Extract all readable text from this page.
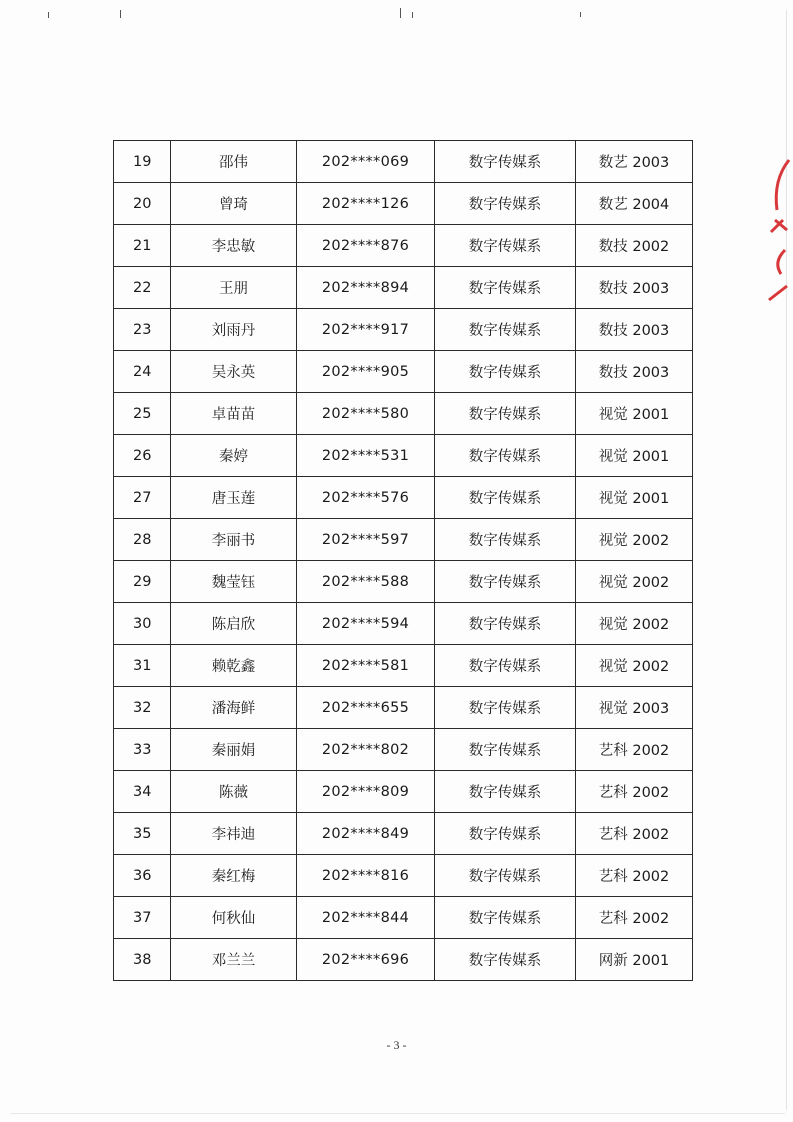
19	邵伟	202****069	数字传媒系	数艺 2003
20	曾琦	202****126	数字传媒系	数艺 2004
21	李忠敏	202****876	数字传媒系	数技 2002
22	王朋	202****894	数字传媒系	数技 2003
23	刘雨丹	202****917	数字传媒系	数技 2003
24	吴永英	202****905	数字传媒系	数技 2003
25	卓苗苗	202****580	数字传媒系	视觉 2001
26	秦婷	202****531	数字传媒系	视觉 2001
27	唐玉莲	202****576	数字传媒系	视觉 2001
28	李丽书	202****597	数字传媒系	视觉 2002
29	魏莹钰	202****588	数字传媒系	视觉 2002
30	陈启欣	202****594	数字传媒系	视觉 2002
31	赖乾鑫	202****581	数字传媒系	视觉 2002
32	潘海鲜	202****655	数字传媒系	视觉 2003
33	秦丽娟	202****802	数字传媒系	艺科 2002
34	陈薇	202****809	数字传媒系	艺科 2002
35	李祎迪	202****849	数字传媒系	艺科 2002
36	秦红梅	202****816	数字传媒系	艺科 2002
37	何秋仙	202****844	数字传媒系	艺科 2002
38	邓兰兰	202****696	数字传媒系	网新 2001
- 3 -
